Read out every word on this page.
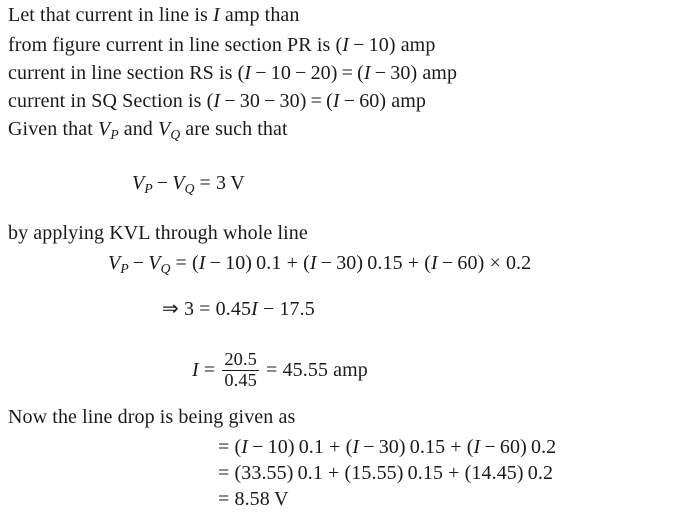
Let that current in line is I amp than
from figure current in line section PR is (I − 10) amp
current in line section RS is (I − 10 − 20) = (I − 30) amp
current in SQ Section is (I − 30 − 30) = (I − 60) amp
Given that $V_P$ and $V_Q$ are such that
$V_P - V_Q = 3$  V
by applying KVL through whole line
$V_P - V_Q = (I - 10) 0.1 + (I - 30) 0.15 + (I - 60) \times 0.2$
⇒ 3 = 0.45I − 17.5
$I = \frac{20.5}{0.45} = 45.55$ amp
Now the line drop is being given as
= (I − 10) 0.1 + (I − 30) 0.15 + (I − 60) 0.2
= (33.55) 0.1 + (15.55) 0.15 + (14.45) 0.2
= 8.58  V
